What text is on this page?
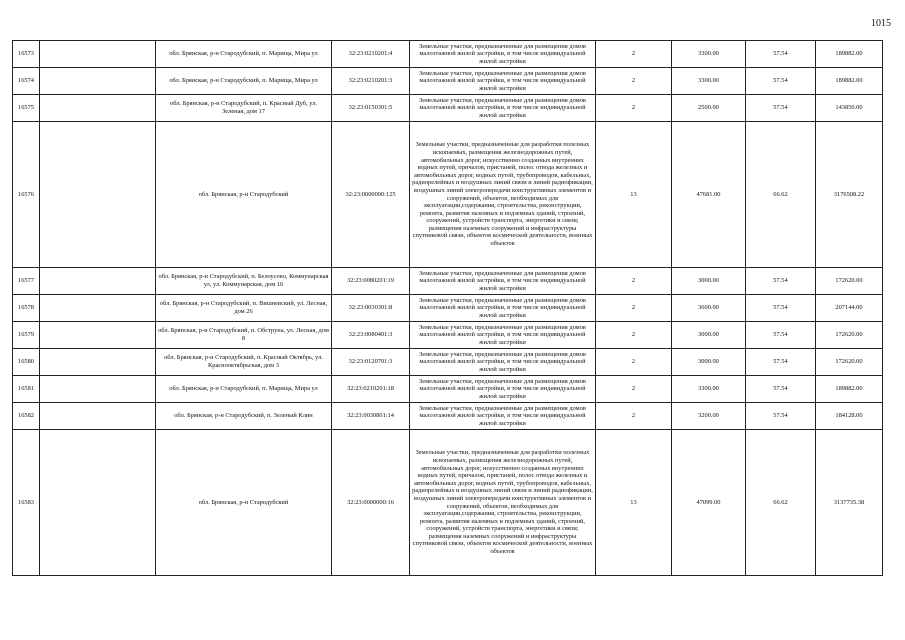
1015
16573		обл. Брянская, р-н Стародубский, п. Марища, Мира ул	32:23:0210201:4	Земельные участки, предназначенные для размещения домов малоэтажной жилой застройки, в том числе индивидуальной жилой застройки	2	3300.00	57.54	189882.00
16574		обл. Брянская, р-н Стародубский, п. Марища, Мира ул	32:23:0210201:3	Земельные участки, предназначенные для размещения домов малоэтажной жилой застройки, в том числе индивидуальной жилой застройки	2	3300.00	57.54	189882.00
16575		обл. Брянская, р-н Стародубский, п. Красный Дуб, ул. Зеленая, дом 17	32:23:0150301:5	Земельные участки, предназначенные для размещения домов малоэтажной жилой застройки, в том числе индивидуальной жилой застройки	2	2500.00	57.54	143850.00
16576		обл. Брянская, р-н Стародубский	32:23:0000000:125	Земельные участки, предназначенные для разработки полезных ископаемых, размещения железнодорожных путей, автомобильных дорог, искусственно созданных внутренних водных путей, причалов, пристаней, полос отвода железных и автомобильных дорог, водных путей, трубопроводов, кабельных, радиорелейных и воздушных линий связи и линий радиофикации, воздушных линий электропередачи конструктивных элементов и сооружений, объектов, необходимых для эксплуатации,содержания, строительства, реконструкции, ремонта, развития наземных и подземных зданий, строений, сооружений, устройств транспорта, энергетики и связи; размещения наземных сооружений и инфраструктуры спутниковой связи, объектов космической деятельности, военных объектов	13	47681.00	66.62	3176508.22
16577		обл. Брянская, р-н Стародубский, п. Белоусово, Коммунарская ул, ул. Коммунарская, дом 16	32:23:0080201:19	Земельные участки, предназначенные для размещения домов малоэтажной жилой застройки, в том числе индивидуальной жилой застройки	2	3000.00	57.54	172620.00
16578		обл. Брянская, р-н Стародубский, п. Вишневский, ул. Лесная, дом 26	32:23:0030301:8	Земельные участки, предназначенные для размещения домов малоэтажной жилой застройки, в том числе индивидуальной жилой застройки	2	3600.00	57.54	207144.00
16579		обл. Брянская, р-н Стародубский, п. Обструна, ул. Лесная, дом 8	32:23:0080401:3	Земельные участки, предназначенные для размещения домов малоэтажной жилой застройки, в том числе индивидуальной жилой застройки	2	3000.00	57.54	172620.00
16580		обл. Брянская, р-н Стародубский, п. Красный Октябрь, ул. Краснооктябрьская, дом 3	32:23:0120701:3	Земельные участки, предназначенные для размещения домов малоэтажной жилой застройки, в том числе индивидуальной жилой застройки	2	3000.00	57.54	172620.00
16581		обл. Брянская, р-н Стародубский, п. Марища, Мира ул	32:23:0210201:18	Земельные участки, предназначенные для размещения домов малоэтажной жилой застройки, в том числе индивидуальной жилой застройки	2	3300.00	57.54	189882.00
16582		обл. Брянская, р-н Стародубский, п. Зеленый Клин	32:23:0030801:14	Земельные участки, предназначенные для размещения домов малоэтажной жилой застройки, в том числе индивидуальной жилой застройки	2	3200.00	57.54	184128.00
16583		обл. Брянская, р-н Стародубский	32:23:0000000:16	Земельные участки, предназначенные для разработки полезных ископаемых, размещения железнодорожных путей, автомобильных дорог, искусственно созданных внутренних водных путей, причалов, пристаней, полос отвода железных и автомобильных дорог, водных путей, трубопроводов, кабельных, радиорелейных и воздушных линий связи и линий радиофикации, воздушных линий электропередачи конструктивных элементов и сооружений, объектов, необходимых для эксплуатации,содержания, строительства, реконструкции, ремонта, развития наземных и подземных зданий, строений, сооружений, устройств транспорта, энергетики и связи; размещения наземных сооружений и инфраструктуры спутниковой связи, объектов космической деятельности, военных объектов	13	47099.00	66.62	3137735.38
